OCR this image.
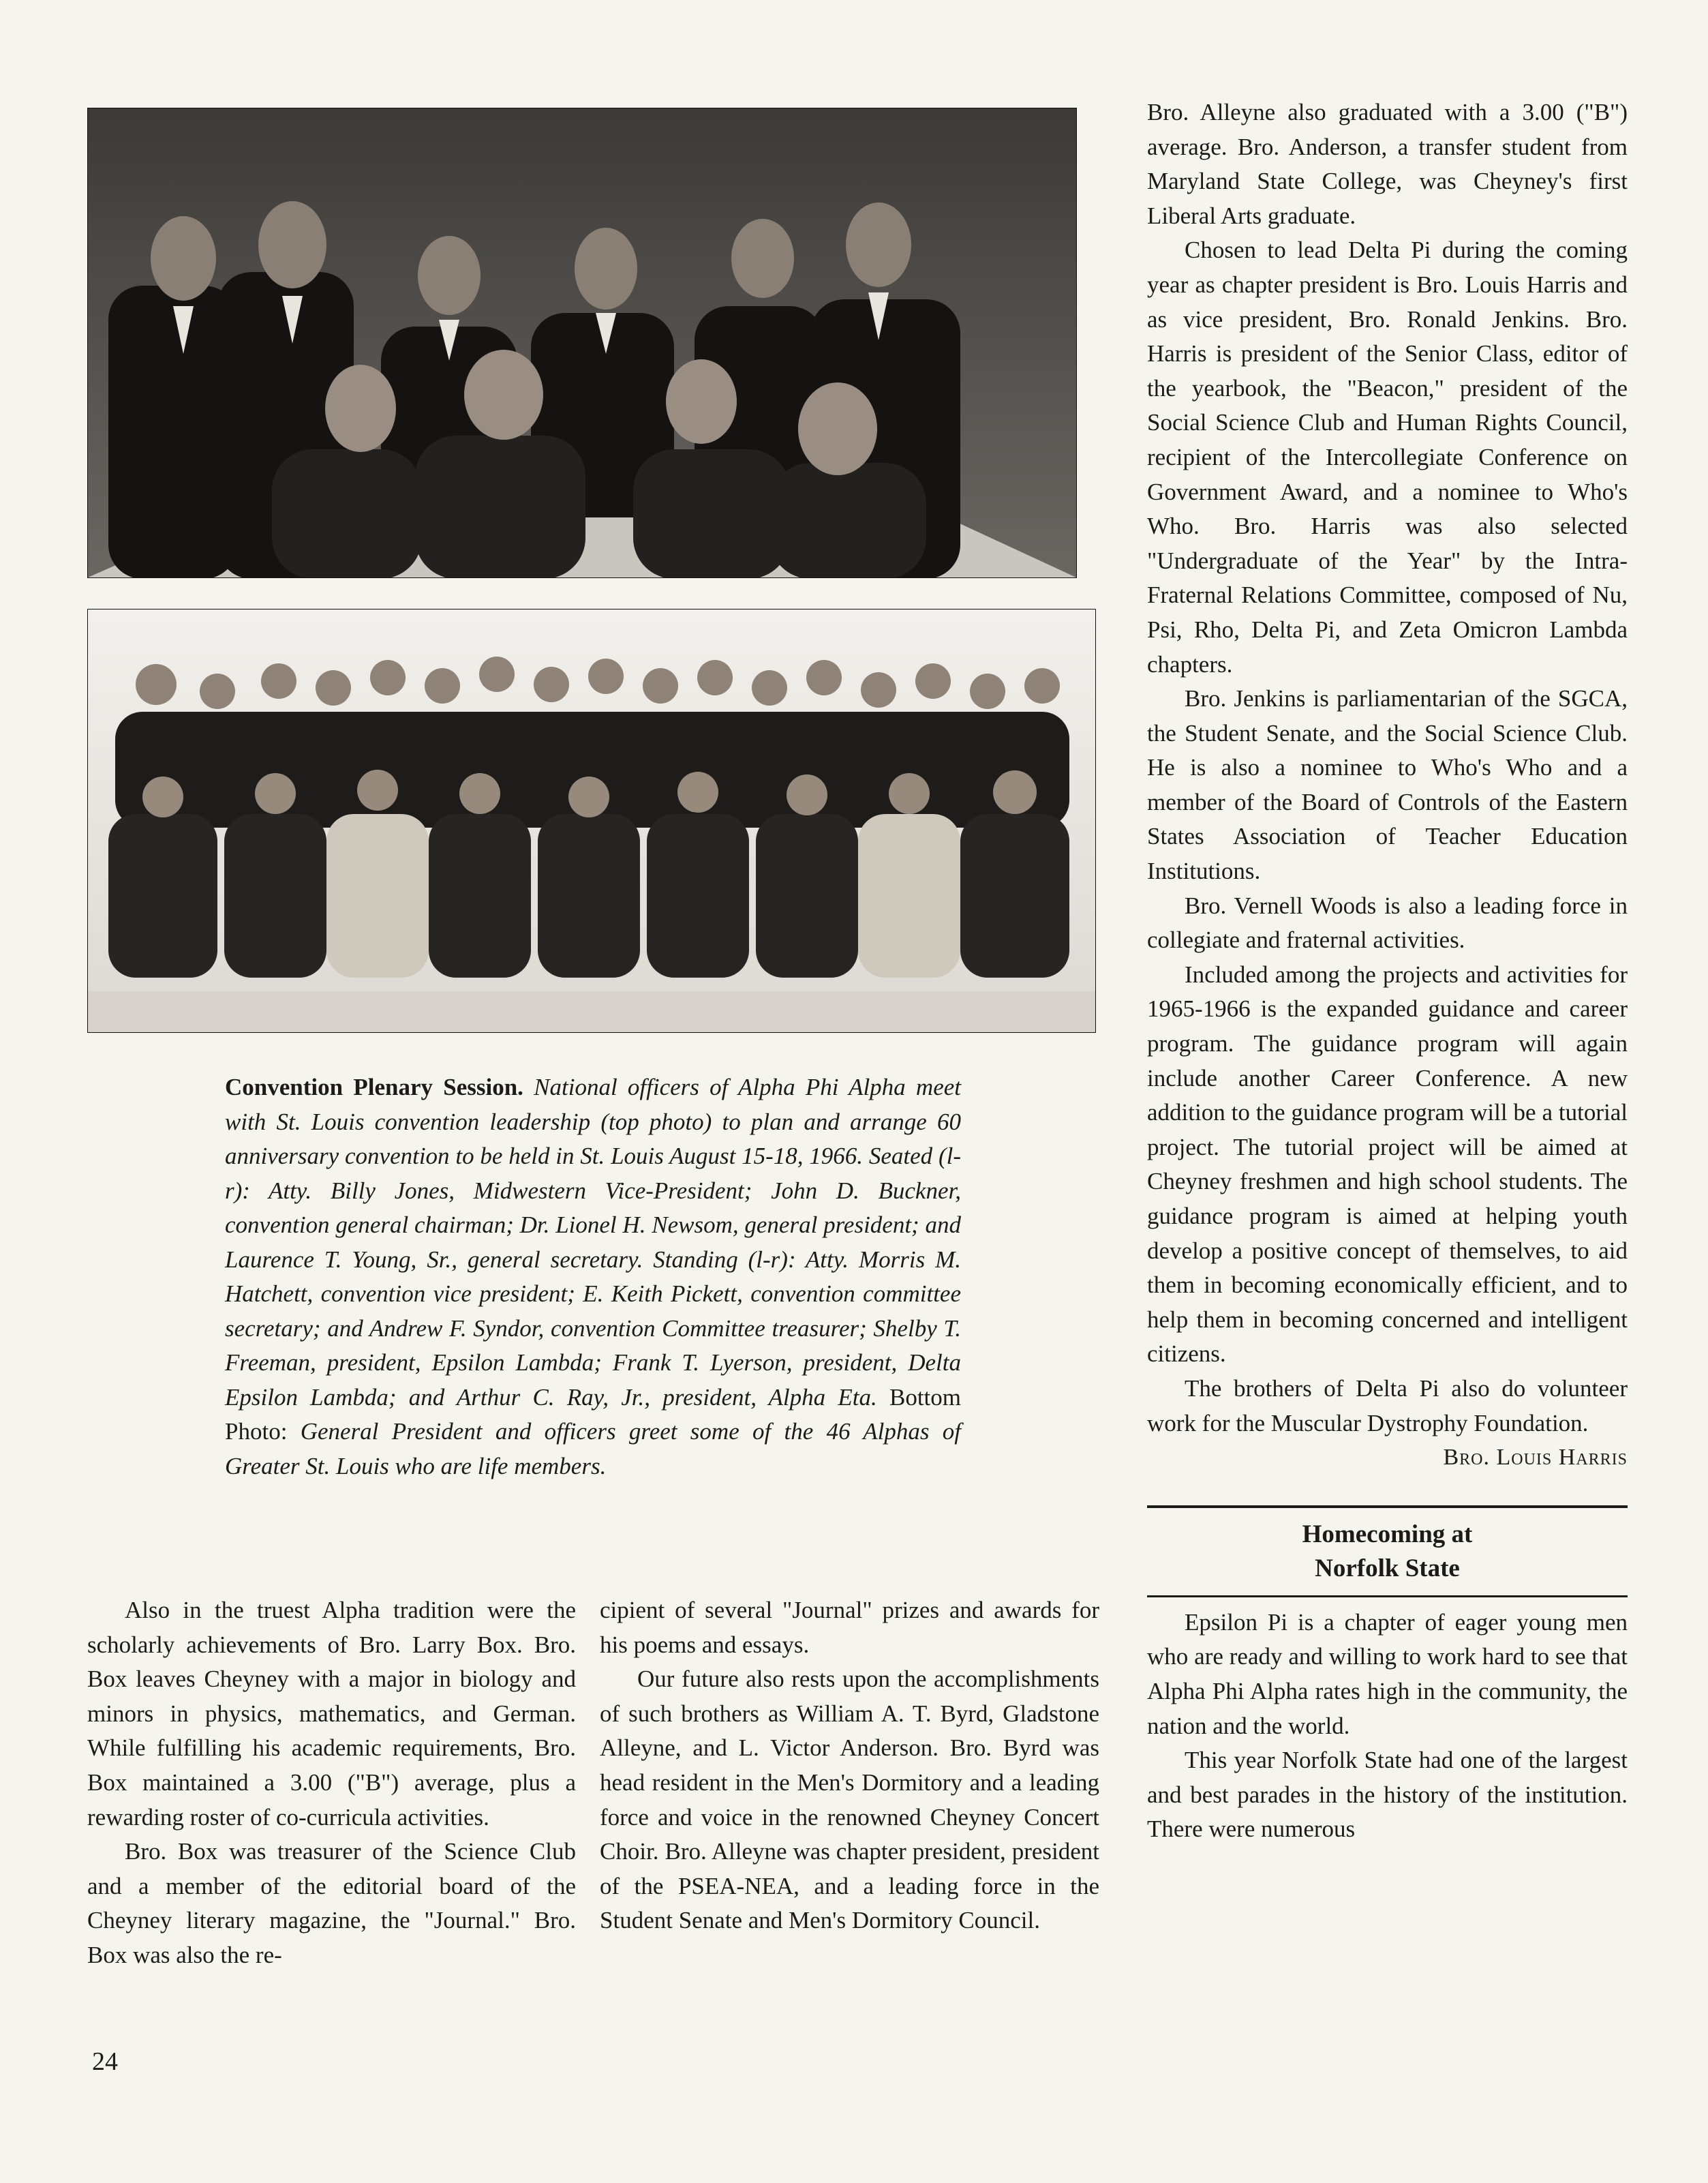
Convention Plenary Session. National officers of Alpha Phi Alpha meet with St. Louis convention leadership (top photo) to plan and arrange 60 anniversary convention to be held in St. Louis August 15-18, 1966. Seated (l-r): Atty. Billy Jones, Midwestern Vice-President; John D. Buckner, convention general chairman; Dr. Lionel H. Newsom, general president; and Laurence T. Young, Sr., general secretary. Standing (l-r): Atty. Morris M. Hatchett, convention vice president; E. Keith Pickett, convention committee secretary; and Andrew F. Syndor, convention Committee treasurer; Shelby T. Freeman, president, Epsilon Lambda; Frank T. Lyerson, president, Delta Epsilon Lambda; and Arthur C. Ray, Jr., president, Alpha Eta. Bottom Photo: General President and officers greet some of the 46 Alphas of Greater St. Louis who are life members.

Also in the truest Alpha tradition were the scholarly achievements of Bro. Larry Box. Bro. Box leaves Cheyney with a major in biology and minors in physics, mathematics, and German. While fulfilling his academic requirements, Bro. Box maintained a 3.00 ("B") average, plus a rewarding roster of co-curricula activities.

Bro. Box was treasurer of the Science Club and a member of the editorial board of the Cheyney literary magazine, the "Journal." Bro. Box was also the re-

cipient of several "Journal" prizes and awards for his poems and essays.

Our future also rests upon the accomplishments of such brothers as William A. T. Byrd, Gladstone Alleyne, and L. Victor Anderson. Bro. Byrd was head resident in the Men's Dormitory and a leading force and voice in the renowned Cheyney Concert Choir. Bro. Alleyne was chapter president, president of the PSEA-NEA, and a leading force in the Student Senate and Men's Dormitory Council.

Bro. Alleyne also graduated with a 3.00 ("B") average. Bro. Anderson, a transfer student from Maryland State College, was Cheyney's first Liberal Arts graduate.

Chosen to lead Delta Pi during the coming year as chapter president is Bro. Louis Harris and as vice president, Bro. Ronald Jenkins. Bro. Harris is president of the Senior Class, editor of the yearbook, the "Beacon," president of the Social Science Club and Human Rights Council, recipient of the Intercollegiate Conference on Government Award, and a nominee to Who's Who. Bro. Harris was also selected "Undergraduate of the Year" by the Intra-Fraternal Relations Committee, composed of Nu, Psi, Rho, Delta Pi, and Zeta Omicron Lambda chapters.

Bro. Jenkins is parliamentarian of the SGCA, the Student Senate, and the Social Science Club. He is also a nominee to Who's Who and a member of the Board of Controls of the Eastern States Association of Teacher Education Institutions.

Bro. Vernell Woods is also a leading force in collegiate and fraternal activities.

Included among the projects and activities for 1965-1966 is the expanded guidance and career program. The guidance program will again include another Career Conference. A new addition to the guidance program will be a tutorial project. The tutorial project will be aimed at Cheyney freshmen and high school students. The guidance program is aimed at helping youth develop a positive concept of themselves, to aid them in becoming economically efficient, and to help them in becoming concerned and intelligent citizens.

The brothers of Delta Pi also do volunteer work for the Muscular Dystrophy Foundation.

Bro. Louis Harris

Homecoming at
Norfolk State

Epsilon Pi is a chapter of eager young men who are ready and willing to work hard to see that Alpha Phi Alpha rates high in the community, the nation and the world.

This year Norfolk State had one of the largest and best parades in the history of the institution. There were numerous

24
